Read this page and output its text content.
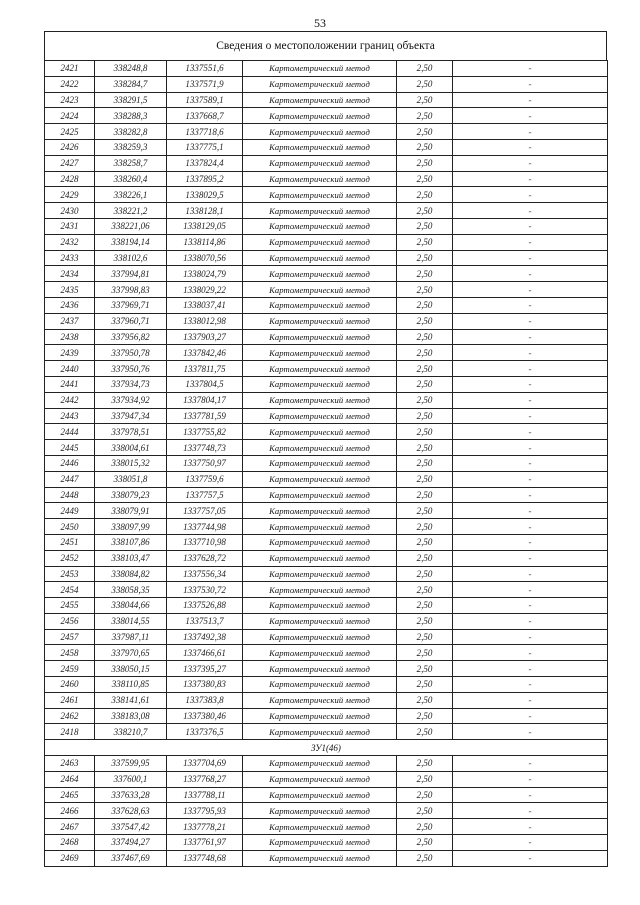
53
Сведения о местоположении границ объекта
2421	338248,8	1337551,6	Картометрический метод	2,50	-
2422	338284,7	1337571,9	Картометрический метод	2,50	-
2423	338291,5	1337589,1	Картометрический метод	2,50	-
2424	338288,3	1337668,7	Картометрический метод	2,50	-
2425	338282,8	1337718,6	Картометрический метод	2,50	-
2426	338259,3	1337775,1	Картометрический метод	2,50	-
2427	338258,7	1337824,4	Картометрический метод	2,50	-
2428	338260,4	1337895,2	Картометрический метод	2,50	-
2429	338226,1	1338029,5	Картометрический метод	2,50	-
2430	338221,2	1338128,1	Картометрический метод	2,50	-
2431	338221,06	1338129,05	Картометрический метод	2,50	-
2432	338194,14	1338114,86	Картометрический метод	2,50	-
2433	338102,6	1338070,56	Картометрический метод	2,50	-
2434	337994,81	1338024,79	Картометрический метод	2,50	-
2435	337998,83	1338029,22	Картометрический метод	2,50	-
2436	337969,71	1338037,41	Картометрический метод	2,50	-
2437	337960,71	1338012,98	Картометрический метод	2,50	-
2438	337956,82	1337903,27	Картометрический метод	2,50	-
2439	337950,78	1337842,46	Картометрический метод	2,50	-
2440	337950,76	1337811,75	Картометрический метод	2,50	-
2441	337934,73	1337804,5	Картометрический метод	2,50	-
2442	337934,92	1337804,17	Картометрический метод	2,50	-
2443	337947,34	1337781,59	Картометрический метод	2,50	-
2444	337978,51	1337755,82	Картометрический метод	2,50	-
2445	338004,61	1337748,73	Картометрический метод	2,50	-
2446	338015,32	1337750,97	Картометрический метод	2,50	-
2447	338051,8	1337759,6	Картометрический метод	2,50	-
2448	338079,23	1337757,5	Картометрический метод	2,50	-
2449	338079,91	1337757,05	Картометрический метод	2,50	-
2450	338097,99	1337744,98	Картометрический метод	2,50	-
2451	338107,86	1337710,98	Картометрический метод	2,50	-
2452	338103,47	1337628,72	Картометрический метод	2,50	-
2453	338084,82	1337556,34	Картометрический метод	2,50	-
2454	338058,35	1337530,72	Картометрический метод	2,50	-
2455	338044,66	1337526,88	Картометрический метод	2,50	-
2456	338014,55	1337513,7	Картометрический метод	2,50	-
2457	337987,11	1337492,38	Картометрический метод	2,50	-
2458	337970,65	1337466,61	Картометрический метод	2,50	-
2459	338050,15	1337395,27	Картометрический метод	2,50	-
2460	338110,85	1337380,83	Картометрический метод	2,50	-
2461	338141,61	1337383,8	Картометрический метод	2,50	-
2462	338183,08	1337380,46	Картометрический метод	2,50	-
2418	338210,7	1337376,5	Картометрический метод	2,50	-
ЗУ1(46)					
2463	337599,95	1337704,69	Картометрический метод	2,50	-
2464	337600,1	1337768,27	Картометрический метод	2,50	-
2465	337633,28	1337788,11	Картометрический метод	2,50	-
2466	337628,63	1337795,93	Картометрический метод	2,50	-
2467	337547,42	1337778,21	Картометрический метод	2,50	-
2468	337494,27	1337761,97	Картометрический метод	2,50	-
2469	337467,69	1337748,68	Картометрический метод	2,50	-
